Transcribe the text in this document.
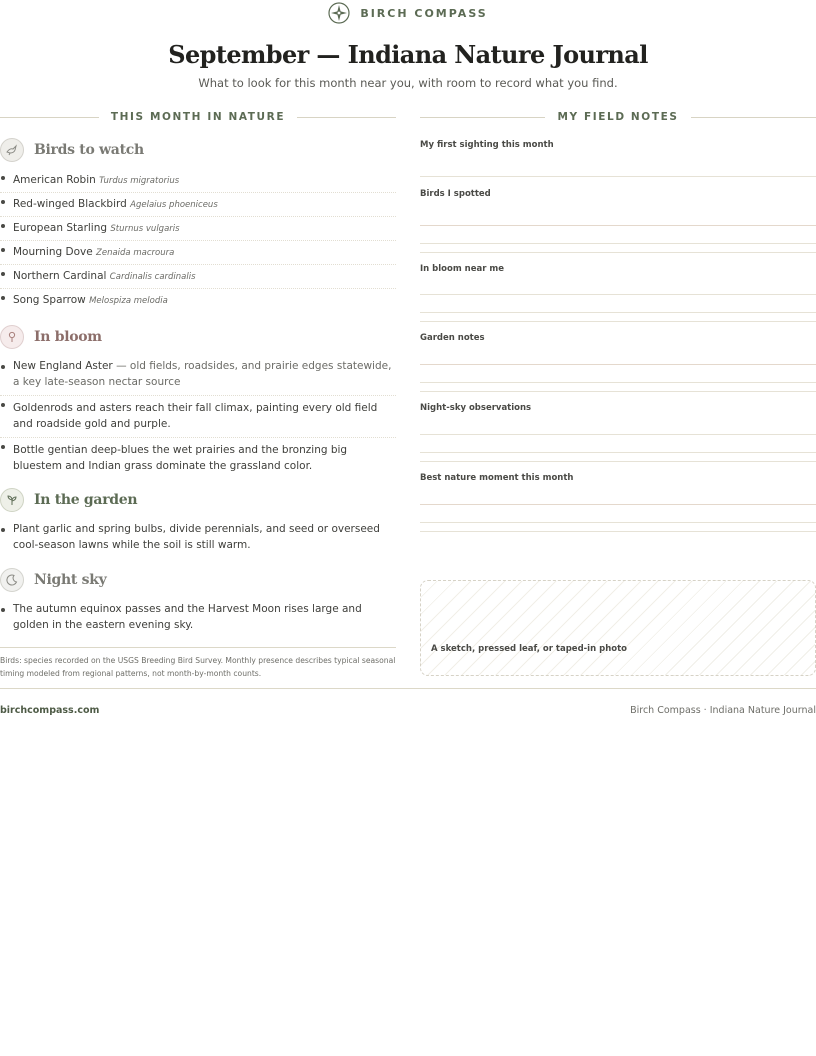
BIRCH COMPASS
September — Indiana Nature Journal

What to look for this month near you, with room to record what you find.

THIS MONTH IN NATURE
Birds to watch
American Robin Turdus migratorius
Red-winged Blackbird Agelaius phoeniceus
European Starling Sturnus vulgaris
Mourning Dove Zenaida macroura
Northern Cardinal Cardinalis cardinalis
Song Sparrow Melospiza melodia
In bloom
New England Aster — old fields, roadsides, and prairie edges statewide, a key late-season nectar source
Goldenrods and asters reach their fall climax, painting every old field and roadside gold and purple.
Bottle gentian deep-blues the wet prairies and the bronzing big bluestem and Indian grass dominate the grassland color.
In the garden
Plant garlic and spring bulbs, divide perennials, and seed or overseed cool-season lawns while the soil is still warm.
Night sky
The autumn equinox passes and the Harvest Moon rises large and golden in the eastern evening sky.
Birds: species recorded on the USGS Breeding Bird Survey. Monthly presence describes typical seasonal timing modeled from regional patterns, not month-by-month counts.
MY FIELD NOTES
My first sighting this month
Birds I spotted
In bloom near me
Garden notes
Night-sky observations
Best nature moment this month
A sketch, pressed leaf, or taped-in photo
birchcompass.com	Birch Compass · Indiana Nature Journal
